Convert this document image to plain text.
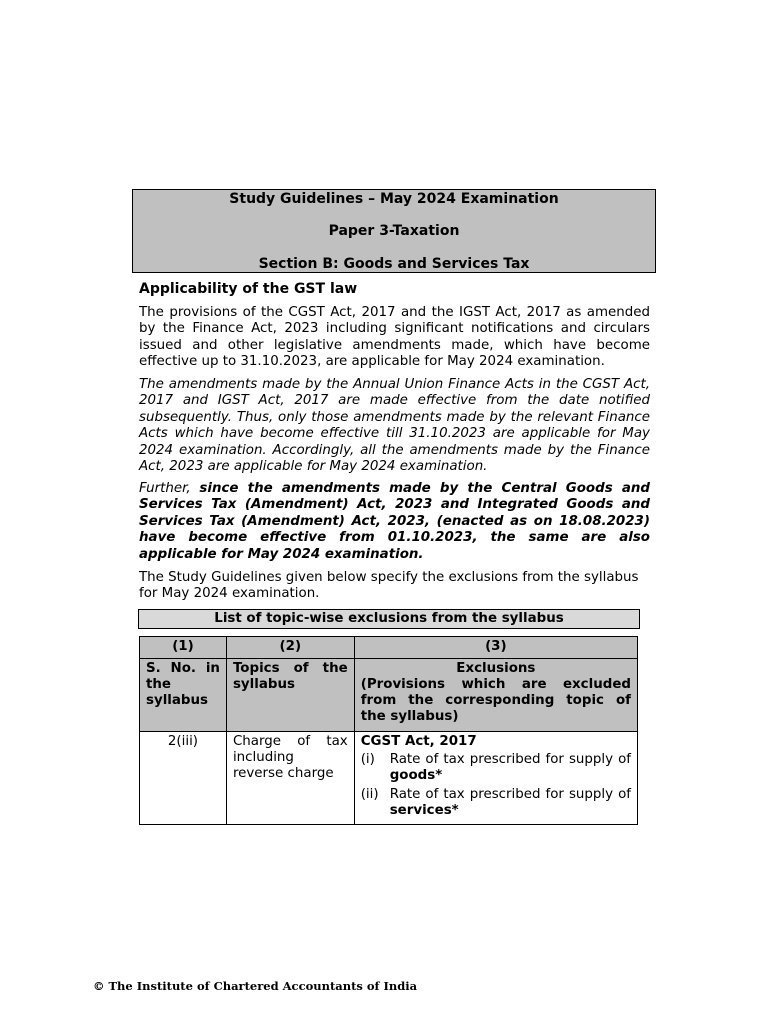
Study Guidelines – May 2024 Examination
Paper 3-Taxation
Section B: Goods and Services Tax
Applicability of the GST law
The provisions of the CGST Act, 2017 and the IGST Act, 2017 as amended by the Finance Act, 2023 including significant notifications and circulars issued and other legislative amendments made, which have become effective up to 31.10.2023, are applicable for May 2024 examination.
The amendments made by the Annual Union Finance Acts in the CGST Act, 2017 and IGST Act, 2017 are made effective from the date notified subsequently. Thus, only those amendments made by the relevant Finance Acts which have become effective till 31.10.2023 are applicable for May 2024 examination. Accordingly, all the amendments made by the Finance Act, 2023 are applicable for May 2024 examination.
Further, since the amendments made by the Central Goods and Services Tax (Amendment) Act, 2023 and Integrated Goods and Services Tax (Amendment) Act, 2023, (enacted as on 18.08.2023) have become effective from 01.10.2023, the same are also applicable for May 2024 examination.
The Study Guidelines given below specify the exclusions from the syllabus for May 2024 examination.
List of topic-wise exclusions from the syllabus
(1)	(2)	(3)
S. No. in the syllabus	Topics of the syllabus	Exclusions
(Provisions which are excluded from the corresponding topic of the syllabus)
2(iii)	Charge of tax including reverse charge	CGST Act, 2017
(i) Rate of tax prescribed for supply of goods*
(ii) Rate of tax prescribed for supply of services*
© The Institute of Chartered Accountants of India
